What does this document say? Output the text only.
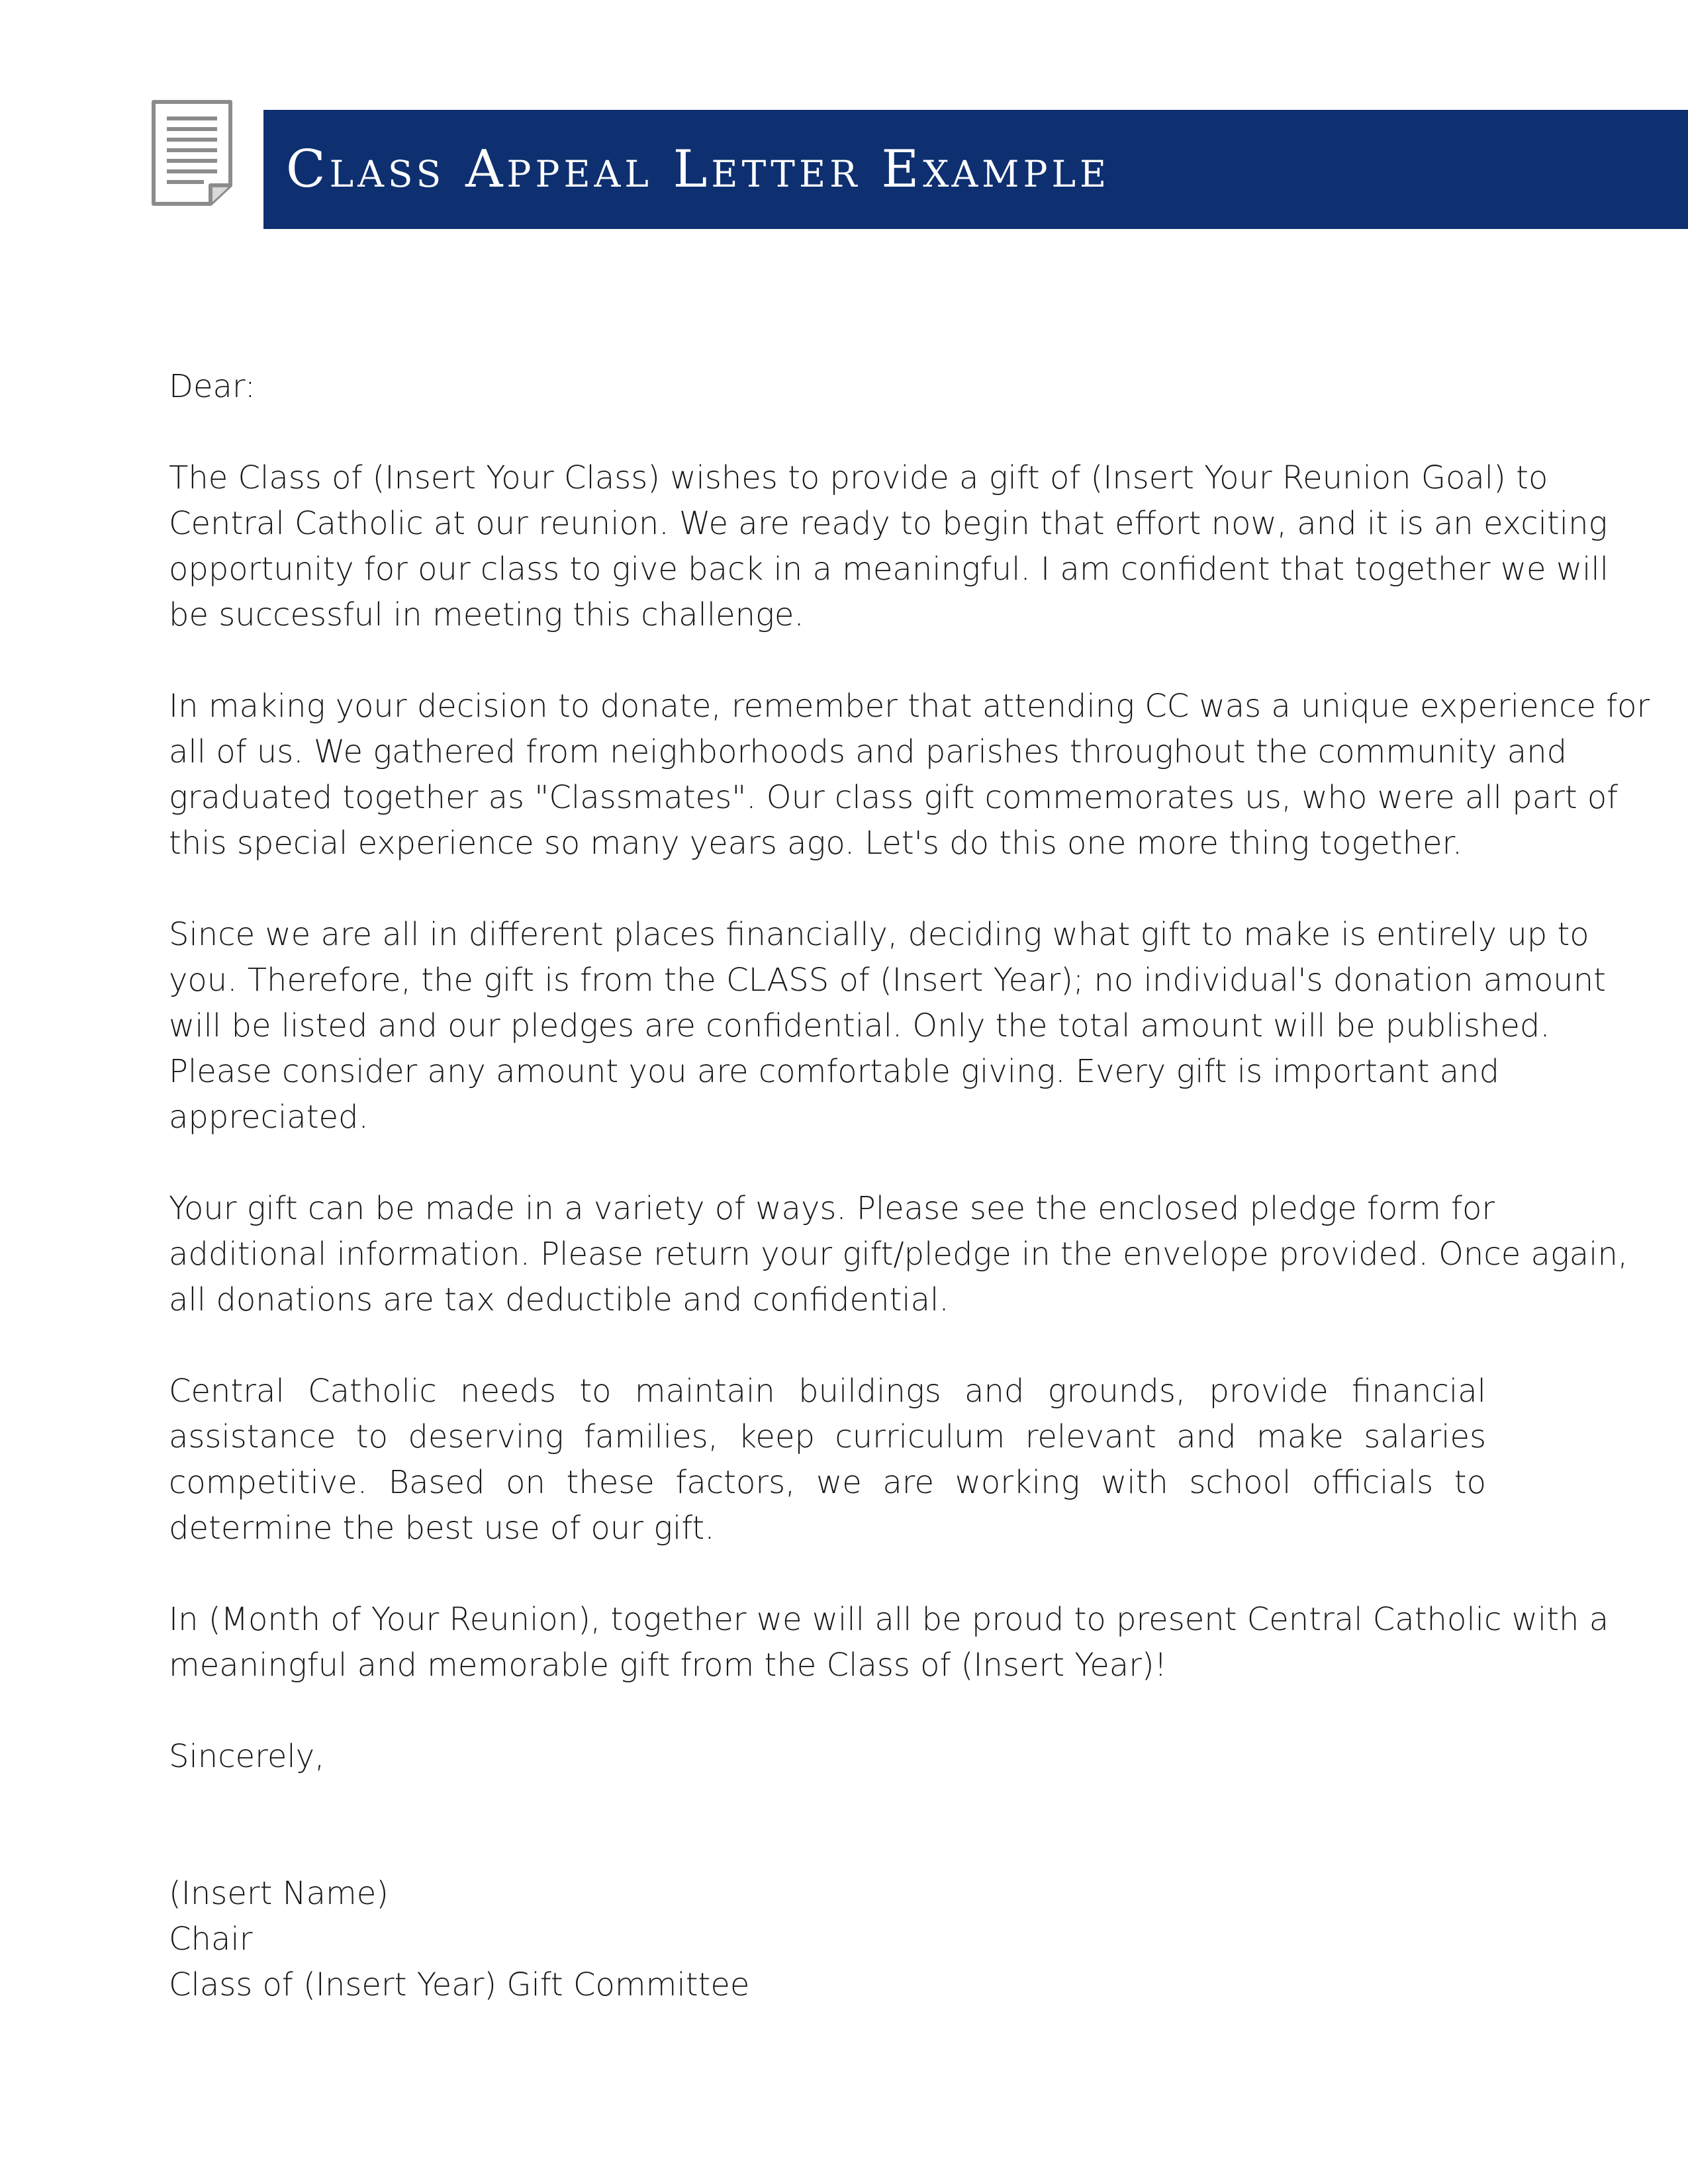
Class Appeal Letter Example

Dear:

The Class of (Insert Your Class) wishes to provide a gift of (Insert Your Reunion Goal) to Central Catholic at our reunion. We are ready to begin that effort now, and it is an exciting opportunity for our class to give back in a meaningful. I am confident that together we will be successful in meeting this challenge.

In making your decision to donate, remember that attending CC was a unique experience for all of us. We gathered from neighborhoods and parishes throughout the community and graduated together as "Classmates". Our class gift commemorates us, who were all part of this special experience so many years ago. Let's do this one more thing together.

Since we are all in different places financially, deciding what gift to make is entirely up to you. Therefore, the gift is from the CLASS of (Insert Year); no individual's donation amount will be listed and our pledges are confidential. Only the total amount will be published. Please consider any amount you are comfortable giving. Every gift is important and appreciated.

Your gift can be made in a variety of ways. Please see the enclosed pledge form for additional information. Please return your gift/pledge in the envelope provided. Once again, all donations are tax deductible and confidential.

Central Catholic needs to maintain buildings and grounds, provide financial assistance to deserving families, keep curriculum relevant and make salaries competitive. Based on these factors, we are working with school officials to determine the best use of our gift.

In (Month of Your Reunion), together we will all be proud to present Central Catholic with a meaningful and memorable gift from the Class of (Insert Year)!

Sincerely,

(Insert Name)
Chair
Class of (Insert Year) Gift Committee
